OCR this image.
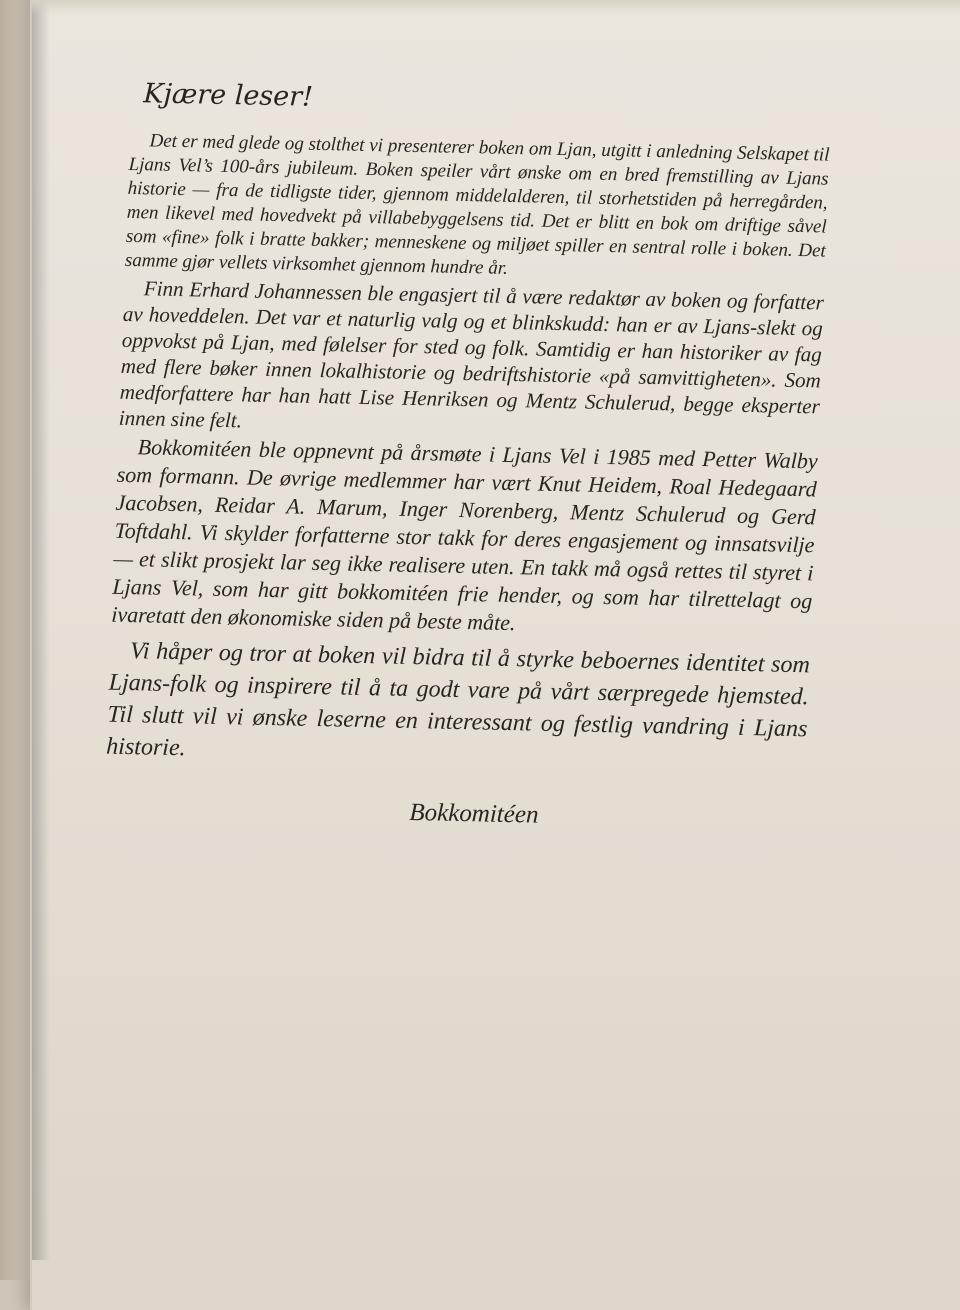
Kjære leser!

Det er med glede og stolthet vi presenterer boken om Ljan, utgitt i anledning Selskapet til Ljans Vel’s 100-års jubileum. Boken speiler vårt ønske om en bred fremstilling av Ljans historie — fra de tidligste tider, gjennom middelalderen, til storhetstiden på herregården, men likevel med hovedvekt på villabebyggelsens tid. Det er blitt en bok om driftige såvel som «fine» folk i bratte bakker; menneskene og miljøet spiller en sentral rolle i boken. Det samme gjør vellets virksomhet gjennom hundre år.

Finn Erhard Johannessen ble engasjert til å være redaktør av boken og forfatter av hoveddelen. Det var et naturlig valg og et blinkskudd: han er av Ljans-slekt og oppvokst på Ljan, med følelser for sted og folk. Samtidig er han historiker av fag med flere bøker innen lokalhistorie og bedriftshistorie «på samvittigheten». Som medforfattere har han hatt Lise Henriksen og Mentz Schulerud, begge eksperter innen sine felt.

Bokkomitéen ble oppnevnt på årsmøte i Ljans Vel i 1985 med Petter Walby som formann. De øvrige medlemmer har vært Knut Heidem, Roal Hedegaard Jacobsen, Reidar A. Marum, Inger Norenberg, Mentz Schulerud og Gerd Toftdahl. Vi skylder forfatterne stor takk for deres engasjement og innsatsvilje — et slikt prosjekt lar seg ikke realisere uten. En takk må også rettes til styret i Ljans Vel, som har gitt bokkomitéen frie hender, og som har tilrettelagt og ivaretatt den økonomiske siden på beste måte.

Vi håper og tror at boken vil bidra til å styrke beboernes identitet som Ljans-folk og inspirere til å ta godt vare på vårt særpregede hjemsted. Til slutt vil vi ønske leserne en interessant og festlig vandring i Ljans historie.

Bokkomitéen
